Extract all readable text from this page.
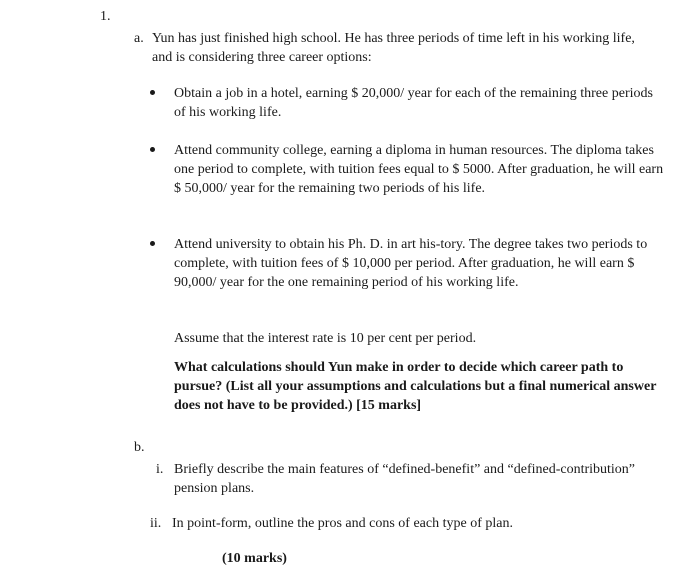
1.

a. Yun has just finished high school. He has three periods of time left in his working life, and is considering three career options:

Obtain a job in a hotel, earning $ 20,000/ year for each of the remaining three periods of his working life.

Attend community college, earning a diploma in human resources. The diploma takes one period to complete, with tuition fees equal to $ 5000. After graduation, he will earn $ 50,000/ year for the remaining two periods of his life.

Attend university to obtain his Ph. D. in art his-tory. The degree takes two periods to complete, with tuition fees of $ 10,000 per period. After graduation, he will earn $ 90,000/ year for the one remaining period of his working life.

Assume that the interest rate is 10 per cent per period.

What calculations should Yun make in order to decide which career path to pursue? (List all your assumptions and calculations but a final numerical answer does not have to be provided.) [15 marks]

b.

i. Briefly describe the main features of “defined-benefit” and “defined-contribution” pension plans.

ii. In point-form, outline the pros and cons of each type of plan.

(10 marks)
